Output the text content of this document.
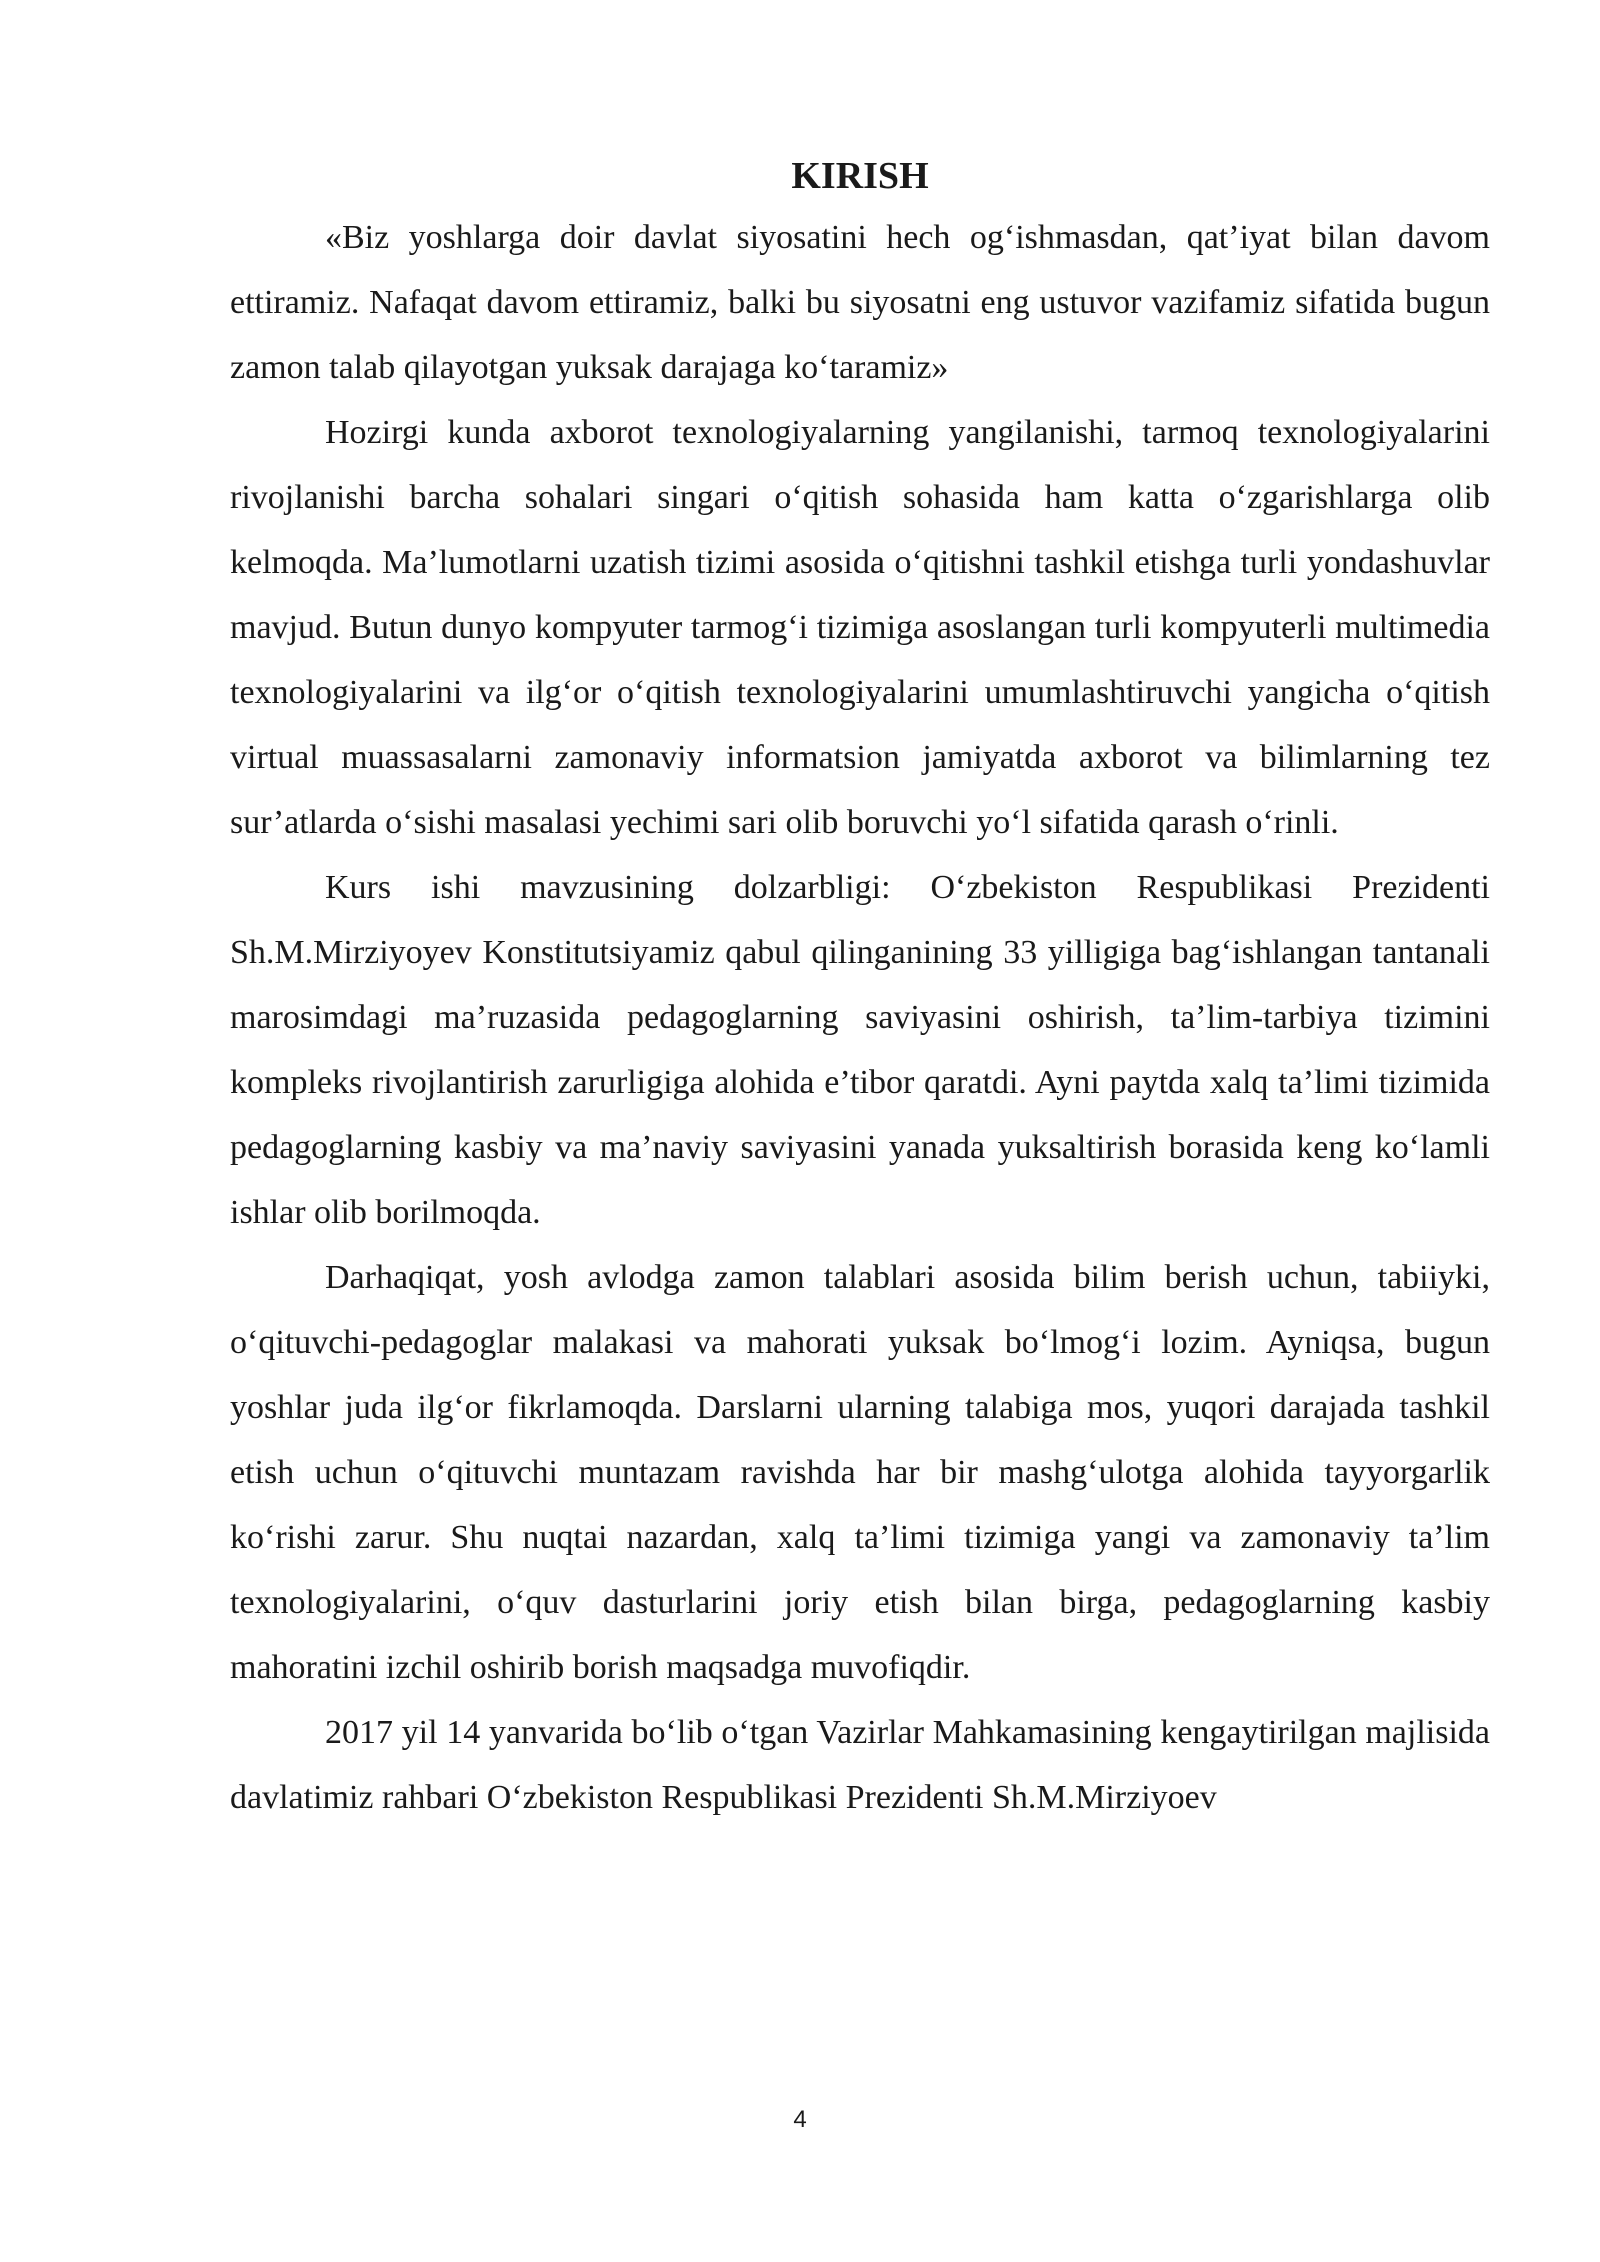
KIRISH

«Biz yoshlarga doir davlat siyosatini hech og‘ishmasdan, qat’iyat bilan davom ettiramiz. Nafaqat davom ettiramiz, balki bu siyosatni eng ustuvor vazifamiz sifatida bugun zamon talab qilayotgan yuksak darajaga ko‘taramiz»

Hozirgi kunda axborot texnologiyalarning yangilanishi, tarmoq texnologiyalarini rivojlanishi barcha sohalari singari o‘qitish sohasida ham katta o‘zgarishlarga olib kelmoqda. Ma’lumotlarni uzatish tizimi asosida o‘qitishni tashkil etishga turli yondashuvlar mavjud. Butun dunyo kompyuter tarmog‘i tizimiga asoslangan turli kompyuterli multimedia texnologiyalarini va ilg‘or o‘qitish texnologiyalarini umumlashtiruvchi yangicha o‘qitish virtual muassasalarni zamonaviy informatsion jamiyatda axborot va bilimlarning tez sur’atlarda o‘sishi masalasi yechimi sari olib boruvchi yo‘l sifatida qarash o‘rinli.

Kurs ishi mavzusining dolzarbligi: O‘zbekiston Respublikasi Prezidenti Sh.M.Mirziyoyev Konstitutsiyamiz qabul qilinganining 33 yilligiga bag‘ishlangan tantanali marosimdagi ma’ruzasida pedagoglarning saviyasini oshirish, ta’lim-tarbiya tizimini kompleks rivojlantirish zarurligiga alohida e’tibor qaratdi. Ayni paytda xalq ta’limi tizimida pedagoglarning kasbiy va ma’naviy saviyasini yanada yuksaltirish borasida keng ko‘lamli ishlar olib borilmoqda.

Darhaqiqat, yosh avlodga zamon talablari asosida bilim berish uchun, tabiiyki, o‘qituvchi-pedagoglar malakasi va mahorati yuksak bo‘lmog‘i lozim. Ayniqsa, bugun yoshlar juda ilg‘or fikrlamoqda. Darslarni ularning talabiga mos, yuqori darajada tashkil etish uchun o‘qituvchi muntazam ravishda har bir mashg‘ulotga alohida tayyorgarlik ko‘rishi zarur. Shu nuqtai nazardan, xalq ta’limi tizimiga yangi va zamonaviy ta’lim texnologiyalarini, o‘quv dasturlarini joriy etish bilan birga, pedagoglarning kasbiy mahoratini izchil oshirib borish maqsadga muvofiqdir.

2017 yil 14 yanvarida bo‘lib o‘tgan Vazirlar Mahkamasining kengaytirilgan majlisida davlatimiz rahbari O‘zbekiston Respublikasi Prezidenti Sh.M.Mirziyoev

4
